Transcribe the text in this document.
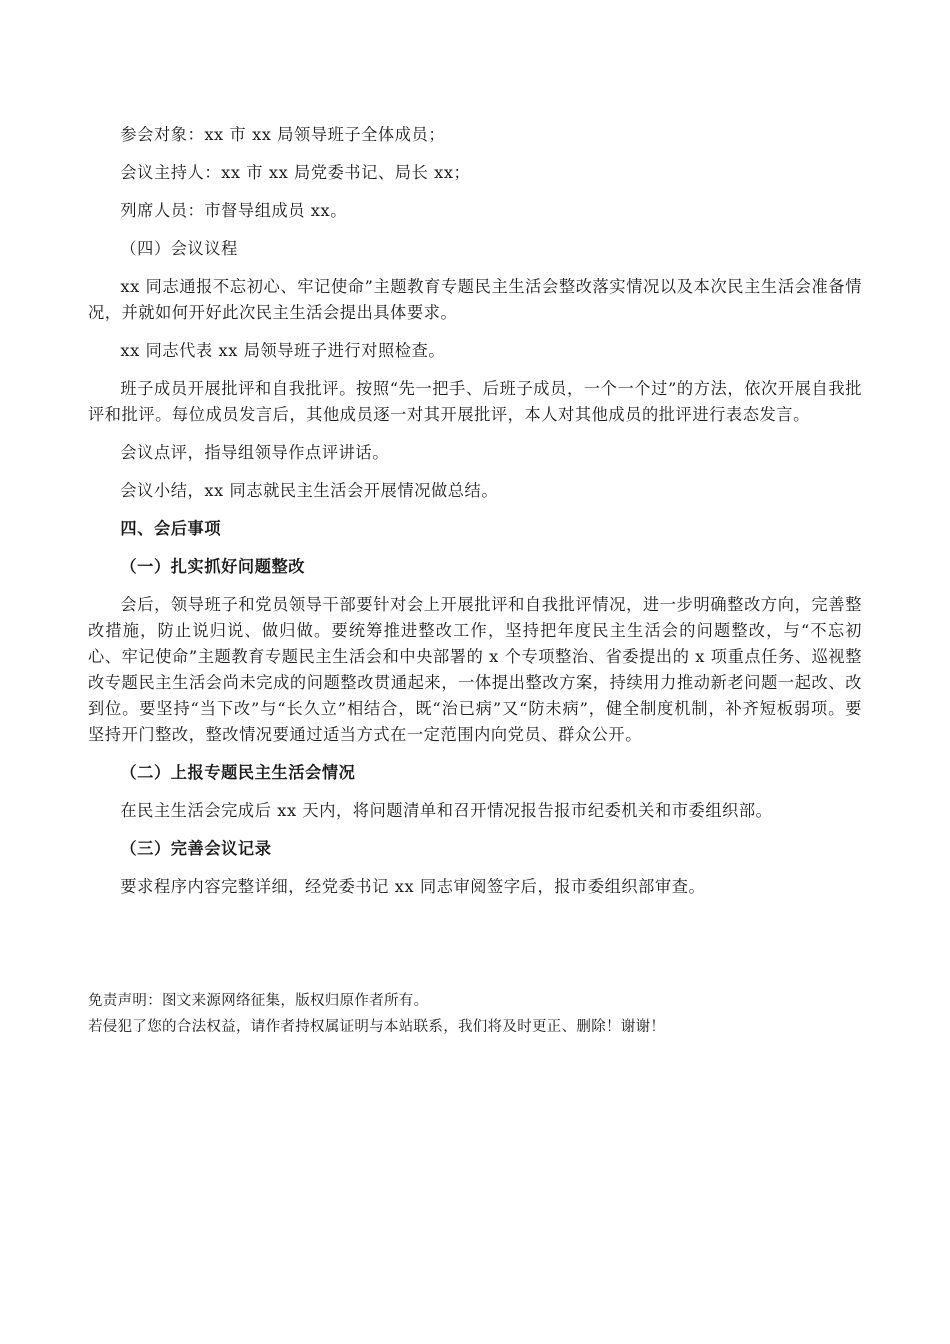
参会对象：xx 市 xx 局领导班子全体成员；

会议主持人：xx 市 xx 局党委书记、局长 xx；

列席人员：市督导组成员 xx。

（四）会议议程

xx 同志通报不忘初心、牢记使命”主题教育专题民主生活会整改落实情况以及本次民主生活会准备情况，并就如何开好此次民主生活会提出具体要求。

xx 同志代表 xx 局领导班子进行对照检查。

班子成员开展批评和自我批评。按照“先一把手、后班子成员，一个一个过”的方法，依次开展自我批评和批评。每位成员发言后，其他成员逐一对其开展批评，本人对其他成员的批评进行表态发言。

会议点评，指导组领导作点评讲话。

会议小结，xx 同志就民主生活会开展情况做总结。

四、会后事项

（一）扎实抓好问题整改

会后，领导班子和党员领导干部要针对会上开展批评和自我批评情况，进一步明确整改方向，完善整改措施，防止说归说、做归做。要统筹推进整改工作，坚持把年度民主生活会的问题整改，与“不忘初心、牢记使命”主题教育专题民主生活会和中央部署的 x 个专项整治、省委提出的 x 项重点任务、巡视整改专题民主生活会尚未完成的问题整改贯通起来，一体提出整改方案，持续用力推动新老问题一起改、改到位。要坚持“当下改”与“长久立”相结合，既“治已病”又“防未病”，健全制度机制，补齐短板弱项。要坚持开门整改，整改情况要通过适当方式在一定范围内向党员、群众公开。

（二）上报专题民主生活会情况

在民主生活会完成后 xx 天内，将问题清单和召开情况报告报市纪委机关和市委组织部。

（三）完善会议记录

要求程序内容完整详细，经党委书记 xx 同志审阅签字后，报市委组织部审查。

免责声明：图文来源网络征集，版权归原作者所有。
若侵犯了您的合法权益，请作者持权属证明与本站联系，我们将及时更正、删除！谢谢！
